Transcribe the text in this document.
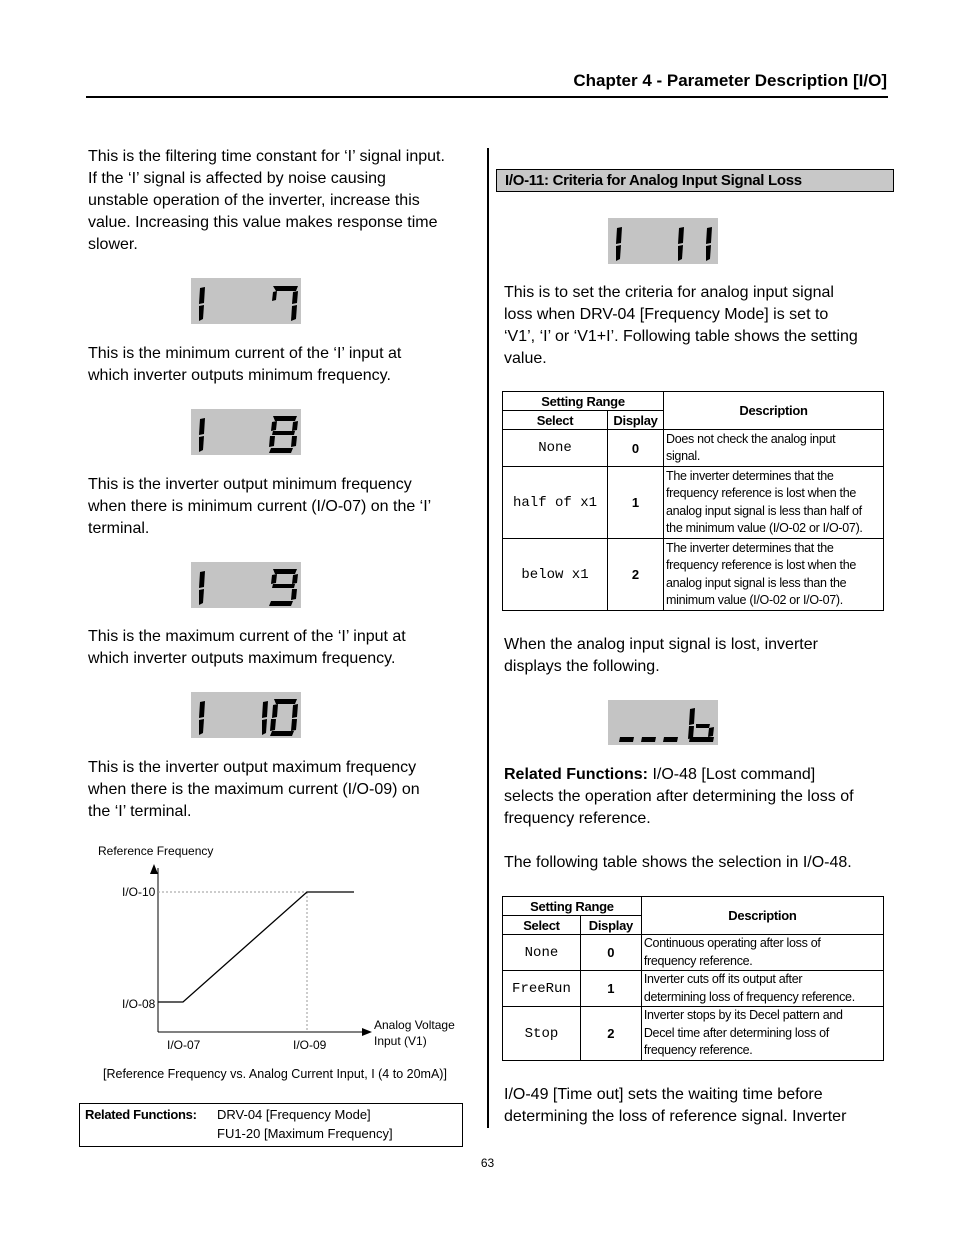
Chapter 4 - Parameter Description [I/O]

This is the filtering time constant for ‘I’ signal input.

If the ‘I’ signal is affected by noise causing

unstable operation of the inverter, increase this

value. Increasing this value makes response time

slower.

This is the minimum current of the ‘I’ input at

which inverter outputs minimum frequency.

This is the inverter output minimum frequency

when there is minimum current (I/O-07) on the ‘I’

terminal.

This is the maximum current of the ‘I’ input at

which inverter outputs maximum frequency.

This is the inverter output maximum frequency

when there is the maximum current (I/O-09) on

the ‘I’ terminal.

Reference Frequency
I/O-10
I/O-08
I/O-07	I/O-09
Analog Voltage
Input (V1)
[Reference Frequency vs. Analog Current Input, I (4 to 20mA)]
Related Functions: DRV-04 [Frequency Mode]
FU1-20 [Maximum Frequency]
I/O-11: Criteria for Analog Input Signal Loss

This is to set the criteria for analog input signal

loss when DRV-04 [Frequency Mode] is set to

‘V1’, ‘I’ or ‘V1+I’. Following table shows the setting

value.

Setting Range		Description
Select	Display	
None	0	Does not check the analog input
signal.

half of x1	1	The inverter determines that the
frequency reference is lost when the
analog input signal is less than half of
the minimum value (I/O-02 or I/O-07).

below x1	2	The inverter determines that the
frequency reference is lost when the
analog input signal is less than the
minimum value (I/O-02 or I/O-07).

When the analog input signal is lost, inverter

displays the following.

Related Functions: I/O-48 [Lost command]

selects the operation after determining the loss of

frequency reference.

The following table shows the selection in I/O-48.
Setting Range		Description
Select	Display	
None	0	Continuous operating after loss of
frequency reference.

FreeRun	1	Inverter cuts off its output after
determining loss of frequency reference.

Stop	2	Inverter stops by its Decel pattern and
Decel time after determining loss of
frequency reference.

I/O-49 [Time out] sets the waiting time before

determining the loss of reference signal. Inverter

63
